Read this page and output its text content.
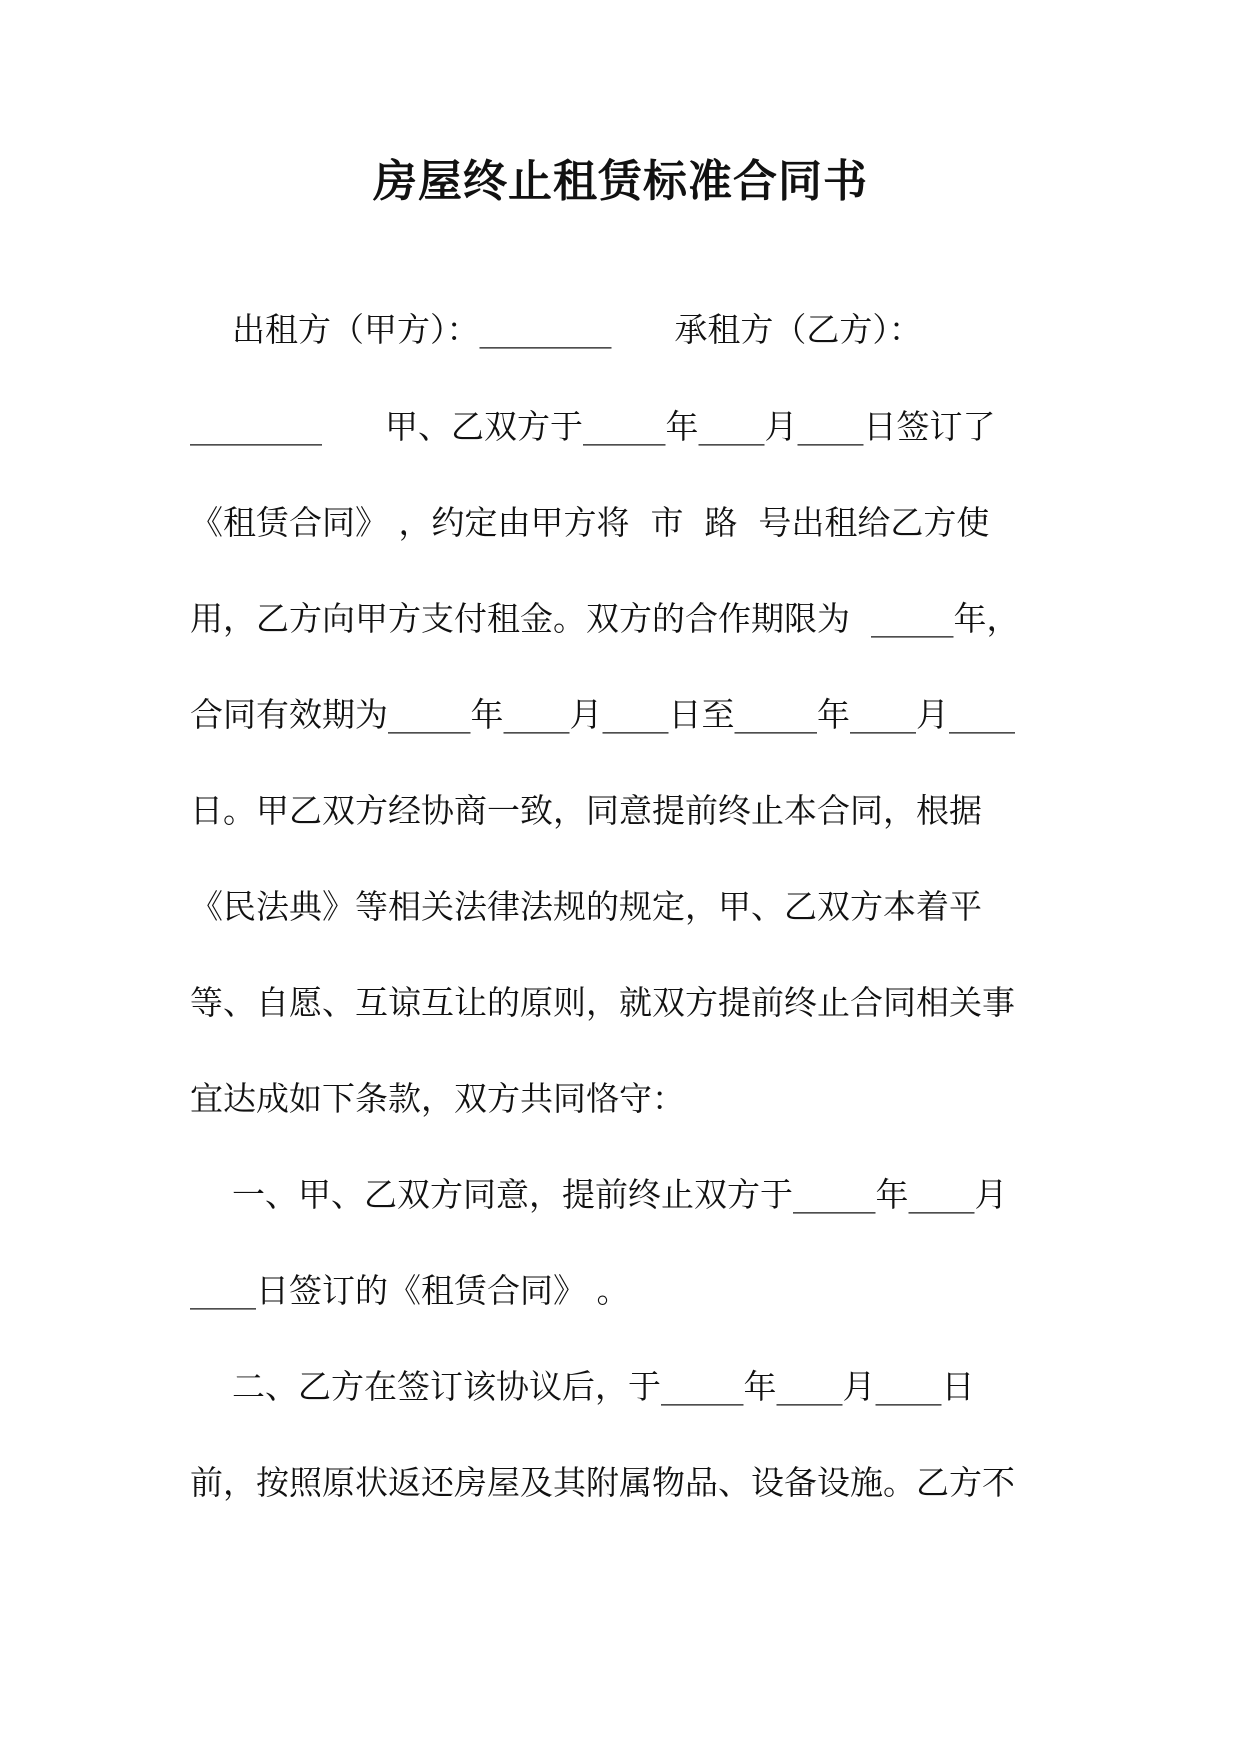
房屋终止租赁标准合同书
出租方（甲方）：________      承租方（乙方）：
________      甲、乙双方于_____年____月____日签订了
《租赁合同》 ，约定由甲方将  市  路  号出租给乙方使
用，乙方向甲方支付租金。双方的合作期限为  _____年，
合同有效期为_____年____月____日至_____年____月____
日。甲乙双方经协商一致，同意提前终止本合同，根据
《民法典》等相关法律法规的规定，甲、乙双方本着平
等、自愿、互谅互让的原则，就双方提前终止合同相关事
宜达成如下条款，双方共同恪守：
一、甲、乙双方同意，提前终止双方于_____年____月
____日签订的《租赁合同》 。
二、乙方在签订该协议后，于_____年____月____日
前，按照原状返还房屋及其附属物品、设备设施。乙方不
